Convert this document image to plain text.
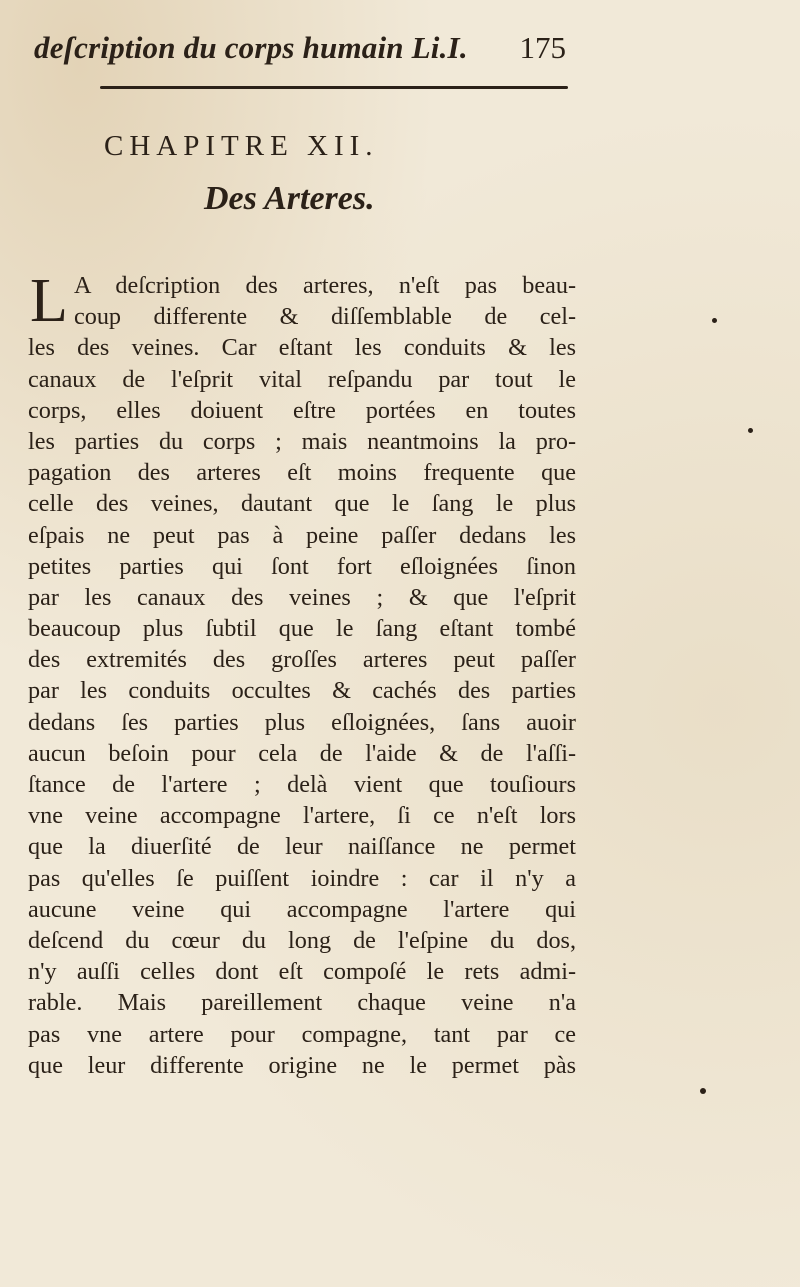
deſcription du corps humain Li.I. 175
CHAPITRE XII.
Des Arteres.
L A deſcription des arteres, n'eſt pas beau-
coup differente & diſſemblable de cel-
les des veines. Car eſtant les conduits & les
canaux de l'eſprit vital reſpandu par tout le
corps, elles doiuent eſtre portées en toutes
les parties du corps ; mais neantmoins la pro-
pagation des arteres eſt moins frequente que
celle des veines, dautant que le ſang le plus
eſpais ne peut pas à peine paſſer dedans les
petites parties qui ſont fort eſloignées ſinon
par les canaux des veines ; & que l'eſprit
beaucoup plus ſubtil que le ſang eſtant tombé
des extremités des groſſes arteres peut paſſer
par les conduits occultes & cachés des parties
dedans ſes parties plus eſloignées, ſans auoir
aucun beſoin pour cela de l'aide & de l'aſſi-
ſtance de l'artere ; delà vient que touſiours
vne veine accompagne l'artere, ſi ce n'eſt lors
que la diuerſité de leur naiſſance ne permet
pas qu'elles ſe puiſſent ioindre : car il n'y a
aucune veine qui accompagne l'artere qui
deſcend du cœur du long de l'eſpine du dos,
n'y auſſi celles dont eſt compoſé le rets admi-
rable. Mais pareillement chaque veine n'a
pas vne artere pour compagne, tant par ce
que leur differente origine ne le permet pàs
